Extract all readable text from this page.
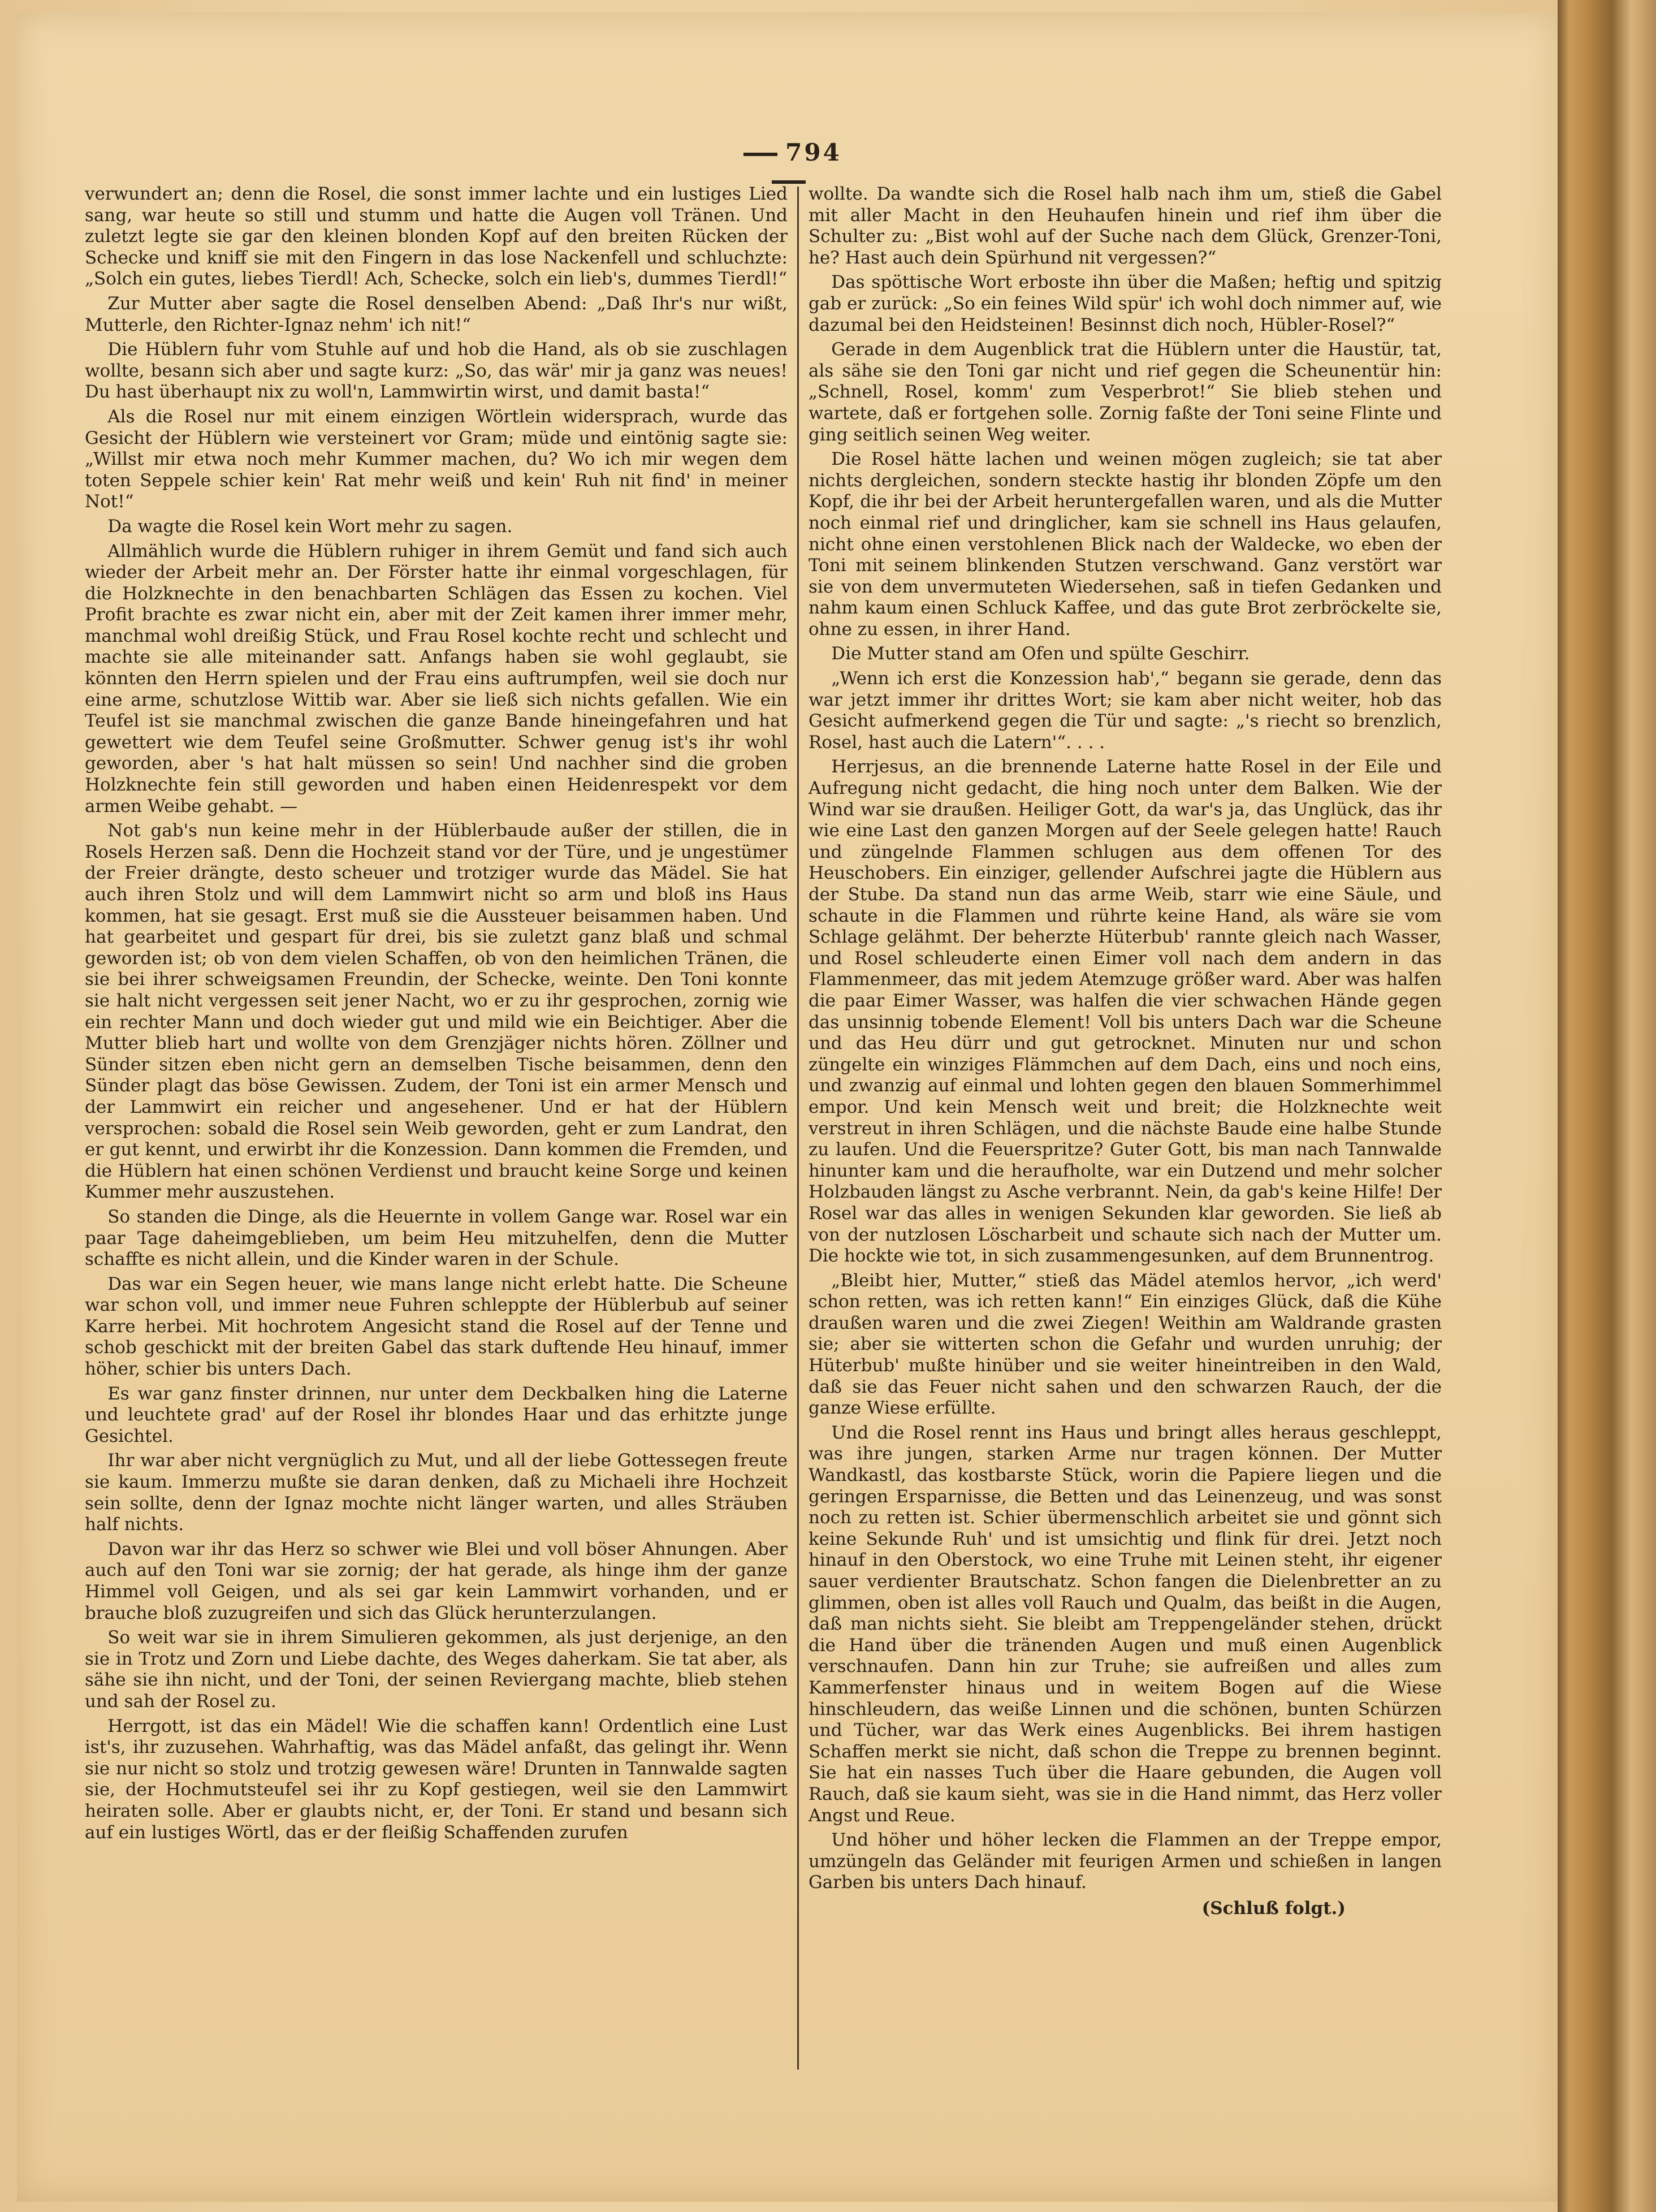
794

verwundert an; denn die Rosel, die sonst immer lachte und ein lustiges Lied sang, war heute so still und stumm und hatte die Augen voll Tränen. Und zuletzt legte sie gar den kleinen blonden Kopf auf den breiten Rücken der Schecke und kniff sie mit den Fingern in das lose Nackenfell und schluchzte: „Solch ein gutes, liebes Tierdl! Ach, Schecke, solch ein lieb's, dummes Tierdl!“

Zur Mutter aber sagte die Rosel denselben Abend: „Daß Ihr's nur wißt, Mutterle, den Richter-Ignaz nehm' ich nit!“

Die Hüblern fuhr vom Stuhle auf und hob die Hand, als ob sie zuschlagen wollte, besann sich aber und sagte kurz: „So, das wär' mir ja ganz was neues! Du hast überhaupt nix zu woll'n, Lammwirtin wirst, und damit basta!“

Als die Rosel nur mit einem einzigen Wörtlein widersprach, wurde das Gesicht der Hüblern wie versteinert vor Gram; müde und eintönig sagte sie: „Willst mir etwa noch mehr Kummer machen, du? Wo ich mir wegen dem toten Seppele schier kein' Rat mehr weiß und kein' Ruh nit find' in meiner Not!“

Da wagte die Rosel kein Wort mehr zu sagen.

Allmählich wurde die Hüblern ruhiger in ihrem Gemüt und fand sich auch wieder der Arbeit mehr an. Der Förster hatte ihr einmal vorgeschlagen, für die Holzknechte in den benachbarten Schlägen das Essen zu kochen. Viel Profit brachte es zwar nicht ein, aber mit der Zeit kamen ihrer immer mehr, manchmal wohl dreißig Stück, und Frau Rosel kochte recht und schlecht und machte sie alle miteinander satt. Anfangs haben sie wohl geglaubt, sie könnten den Herrn spielen und der Frau eins auftrumpfen, weil sie doch nur eine arme, schutzlose Wittib war. Aber sie ließ sich nichts gefallen. Wie ein Teufel ist sie manchmal zwischen die ganze Bande hineingefahren und hat gewettert wie dem Teufel seine Großmutter. Schwer genug ist's ihr wohl geworden, aber 's hat halt müssen so sein! Und nachher sind die groben Holzknechte fein still geworden und haben einen Heidenrespekt vor dem armen Weibe gehabt. —

Not gab's nun keine mehr in der Hüblerbaude außer der stillen, die in Rosels Herzen saß. Denn die Hochzeit stand vor der Türe, und je ungestümer der Freier drängte, desto scheuer und trotziger wurde das Mädel. Sie hat auch ihren Stolz und will dem Lammwirt nicht so arm und bloß ins Haus kommen, hat sie gesagt. Erst muß sie die Aussteuer beisammen haben. Und hat gearbeitet und gespart für drei, bis sie zuletzt ganz blaß und schmal geworden ist; ob von dem vielen Schaffen, ob von den heimlichen Tränen, die sie bei ihrer schweigsamen Freundin, der Schecke, weinte. Den Toni konnte sie halt nicht vergessen seit jener Nacht, wo er zu ihr gesprochen, zornig wie ein rechter Mann und doch wieder gut und mild wie ein Beichtiger. Aber die Mutter blieb hart und wollte von dem Grenzjäger nichts hören. Zöllner und Sünder sitzen eben nicht gern an demselben Tische beisammen, denn den Sünder plagt das böse Gewissen. Zudem, der Toni ist ein armer Mensch und der Lammwirt ein reicher und angesehener. Und er hat der Hüblern versprochen: sobald die Rosel sein Weib geworden, geht er zum Landrat, den er gut kennt, und erwirbt ihr die Konzession. Dann kommen die Fremden, und die Hüblern hat einen schönen Verdienst und braucht keine Sorge und keinen Kummer mehr auszustehen.

So standen die Dinge, als die Heuernte in vollem Gange war. Rosel war ein paar Tage daheimgeblieben, um beim Heu mitzuhelfen, denn die Mutter schaffte es nicht allein, und die Kinder waren in der Schule.

Das war ein Segen heuer, wie mans lange nicht erlebt hatte. Die Scheune war schon voll, und immer neue Fuhren schleppte der Hüblerbub auf seiner Karre herbei. Mit hochrotem Angesicht stand die Rosel auf der Tenne und schob geschickt mit der breiten Gabel das stark duftende Heu hinauf, immer höher, schier bis unters Dach.

Es war ganz finster drinnen, nur unter dem Deckbalken hing die Laterne und leuchtete grad' auf der Rosel ihr blondes Haar und das erhitzte junge Gesichtel.

Ihr war aber nicht vergnüglich zu Mut, und all der liebe Gottessegen freute sie kaum. Immerzu mußte sie daran denken, daß zu Michaeli ihre Hochzeit sein sollte, denn der Ignaz mochte nicht länger warten, und alles Sträuben half nichts.

Davon war ihr das Herz so schwer wie Blei und voll böser Ahnungen. Aber auch auf den Toni war sie zornig; der hat gerade, als hinge ihm der ganze Himmel voll Geigen, und als sei gar kein Lammwirt vorhanden, und er brauche bloß zuzugreifen und sich das Glück herunterzulangen.

So weit war sie in ihrem Simulieren gekommen, als just derjenige, an den sie in Trotz und Zorn und Liebe dachte, des Weges daherkam. Sie tat aber, als sähe sie ihn nicht, und der Toni, der seinen Reviergang machte, blieb stehen und sah der Rosel zu.

Herrgott, ist das ein Mädel! Wie die schaffen kann! Ordentlich eine Lust ist's, ihr zuzusehen. Wahrhaftig, was das Mädel anfaßt, das gelingt ihr. Wenn sie nur nicht so stolz und trotzig gewesen wäre! Drunten in Tannwalde sagten sie, der Hochmutsteufel sei ihr zu Kopf gestiegen, weil sie den Lammwirt heiraten solle. Aber er glaubts nicht, er, der Toni. Er stand und besann sich auf ein lustiges Wörtl, das er der fleißig Schaffenden zurufen

wollte. Da wandte sich die Rosel halb nach ihm um, stieß die Gabel mit aller Macht in den Heuhaufen hinein und rief ihm über die Schulter zu: „Bist wohl auf der Suche nach dem Glück, Grenzer-Toni, he? Hast auch dein Spürhund nit vergessen?“

Das spöttische Wort erboste ihn über die Maßen; heftig und spitzig gab er zurück: „So ein feines Wild spür' ich wohl doch nimmer auf, wie dazumal bei den Heidsteinen! Besinnst dich noch, Hübler-Rosel?“

Gerade in dem Augenblick trat die Hüblern unter die Haustür, tat, als sähe sie den Toni gar nicht und rief gegen die Scheunentür hin: „Schnell, Rosel, komm' zum Vesperbrot!“ Sie blieb stehen und wartete, daß er fortgehen solle. Zornig faßte der Toni seine Flinte und ging seitlich seinen Weg weiter.

Die Rosel hätte lachen und weinen mögen zugleich; sie tat aber nichts dergleichen, sondern steckte hastig ihr blonden Zöpfe um den Kopf, die ihr bei der Arbeit heruntergefallen waren, und als die Mutter noch einmal rief und dringlicher, kam sie schnell ins Haus gelaufen, nicht ohne einen verstohlenen Blick nach der Waldecke, wo eben der Toni mit seinem blinkenden Stutzen verschwand. Ganz verstört war sie von dem unvermuteten Wiedersehen, saß in tiefen Gedanken und nahm kaum einen Schluck Kaffee, und das gute Brot zerbröckelte sie, ohne zu essen, in ihrer Hand.

Die Mutter stand am Ofen und spülte Geschirr.

„Wenn ich erst die Konzession hab',“ begann sie gerade, denn das war jetzt immer ihr drittes Wort; sie kam aber nicht weiter, hob das Gesicht aufmerkend gegen die Tür und sagte: „'s riecht so brenzlich, Rosel, hast auch die Latern'“. . . .

Herrjesus, an die brennende Laterne hatte Rosel in der Eile und Aufregung nicht gedacht, die hing noch unter dem Balken. Wie der Wind war sie draußen. Heiliger Gott, da war's ja, das Unglück, das ihr wie eine Last den ganzen Morgen auf der Seele gelegen hatte! Rauch und züngelnde Flammen schlugen aus dem offenen Tor des Heuschobers. Ein einziger, gellender Aufschrei jagte die Hüblern aus der Stube. Da stand nun das arme Weib, starr wie eine Säule, und schaute in die Flammen und rührte keine Hand, als wäre sie vom Schlage gelähmt. Der beherzte Hüterbub' rannte gleich nach Wasser, und Rosel schleuderte einen Eimer voll nach dem andern in das Flammenmeer, das mit jedem Atemzuge größer ward. Aber was halfen die paar Eimer Wasser, was halfen die vier schwachen Hände gegen das unsinnig tobende Element! Voll bis unters Dach war die Scheune und das Heu dürr und gut getrocknet. Minuten nur und schon züngelte ein winziges Flämmchen auf dem Dach, eins und noch eins, und zwanzig auf einmal und lohten gegen den blauen Sommerhimmel empor. Und kein Mensch weit und breit; die Holzknechte weit verstreut in ihren Schlägen, und die nächste Baude eine halbe Stunde zu laufen. Und die Feuerspritze? Guter Gott, bis man nach Tannwalde hinunter kam und die heraufholte, war ein Dutzend und mehr solcher Holzbauden längst zu Asche verbrannt. Nein, da gab's keine Hilfe! Der Rosel war das alles in wenigen Sekunden klar geworden. Sie ließ ab von der nutzlosen Löscharbeit und schaute sich nach der Mutter um. Die hockte wie tot, in sich zusammengesunken, auf dem Brunnentrog.

„Bleibt hier, Mutter,“ stieß das Mädel atemlos hervor, „ich werd' schon retten, was ich retten kann!“ Ein einziges Glück, daß die Kühe draußen waren und die zwei Ziegen! Weithin am Waldrande grasten sie; aber sie witterten schon die Gefahr und wurden unruhig; der Hüterbub' mußte hinüber und sie weiter hineintreiben in den Wald, daß sie das Feuer nicht sahen und den schwarzen Rauch, der die ganze Wiese erfüllte.

Und die Rosel rennt ins Haus und bringt alles heraus geschleppt, was ihre jungen, starken Arme nur tragen können. Der Mutter Wandkastl, das kostbarste Stück, worin die Papiere liegen und die geringen Ersparnisse, die Betten und das Leinenzeug, und was sonst noch zu retten ist. Schier übermenschlich arbeitet sie und gönnt sich keine Sekunde Ruh' und ist umsichtig und flink für drei. Jetzt noch hinauf in den Oberstock, wo eine Truhe mit Leinen steht, ihr eigener sauer verdienter Brautschatz. Schon fangen die Dielenbretter an zu glimmen, oben ist alles voll Rauch und Qualm, das beißt in die Augen, daß man nichts sieht. Sie bleibt am Treppengeländer stehen, drückt die Hand über die tränenden Augen und muß einen Augenblick verschnaufen. Dann hin zur Truhe; sie aufreißen und alles zum Kammerfenster hinaus und in weitem Bogen auf die Wiese hinschleudern, das weiße Linnen und die schönen, bunten Schürzen und Tücher, war das Werk eines Augenblicks. Bei ihrem hastigen Schaffen merkt sie nicht, daß schon die Treppe zu brennen beginnt. Sie hat ein nasses Tuch über die Haare gebunden, die Augen voll Rauch, daß sie kaum sieht, was sie in die Hand nimmt, das Herz voller Angst und Reue.

Und höher und höher lecken die Flammen an der Treppe empor, umzüngeln das Geländer mit feurigen Armen und schießen in langen Garben bis unters Dach hinauf.

(Schluß folgt.)
